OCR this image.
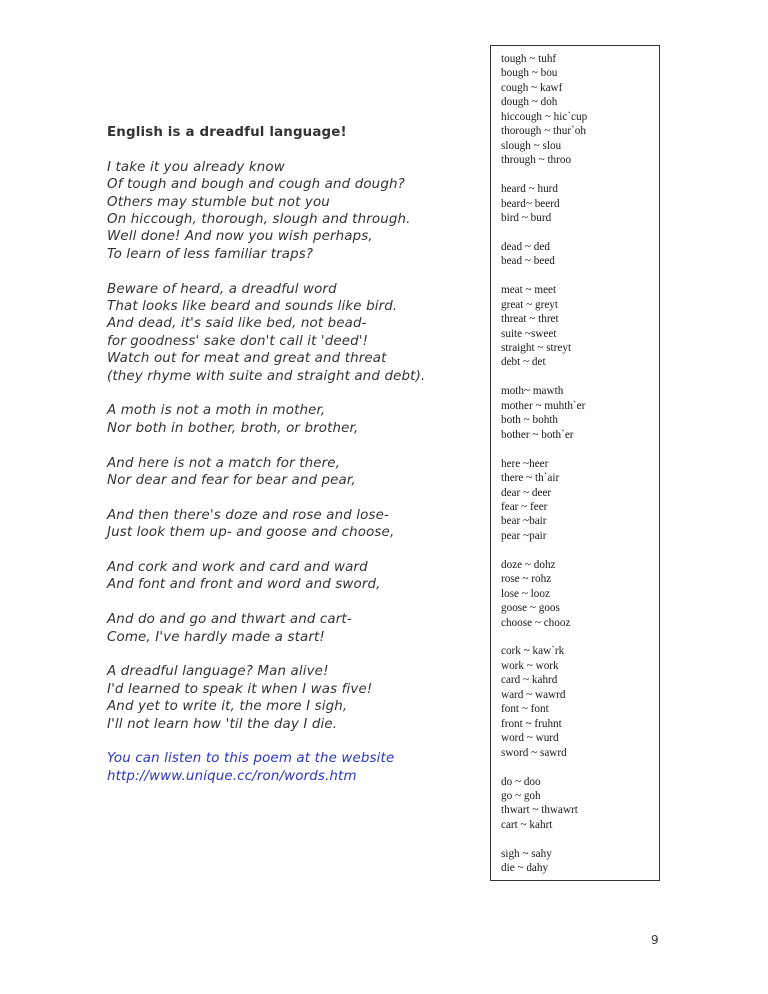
English is a dreadful language!
I take it you already know
Of tough and bough and cough and dough?
Others may stumble but not you
On hiccough, thorough, slough and through.
Well done! And now you wish perhaps,
To learn of less familiar traps?
Beware of heard, a dreadful word
That looks like beard and sounds like bird.
And dead, it's said like bed, not bead-
for goodness' sake don't call it 'deed'!
Watch out for meat and great and threat
(they rhyme with suite and straight and debt).
A moth is not a moth in mother,
Nor both in bother, broth, or brother,
And here is not a match for there,
Nor dear and fear for bear and pear,
And then there's doze and rose and lose-
Just look them up- and goose and choose,
And cork and work and card and ward
And font and front and word and sword,
And do and go and thwart and cart-
Come, I've hardly made a start!
A dreadful language? Man alive!
I'd learned to speak it when I was five!
And yet to write it, the more I sigh,
I'll not learn how 'til the day I die.
You can listen to this poem at the website
http://www.unique.cc/ron/words.htm
tough ~ tuhf
bough ~ bou
cough ~ kawf
dough ~ doh
hiccough ~ hic`cup
thorough ~ thur`oh
slough ~ slou
through ~ throo
heard ~ hurd
beard~ beerd
bird ~ burd
dead ~ ded
bead ~ beed
meat ~ meet
great ~ greyt
threat ~ thret
suite ~sweet
straight ~ streyt
debt ~ det
moth~ mawth
mother ~ muhth`er
both ~ bohth
bother ~ both`er
here ~heer
there ~ th`air
dear ~ deer
fear ~ feer
bear ~bair
pear ~pair
doze ~ dohz
rose ~ rohz
lose ~ looz
goose ~ goos
choose ~ chooz
cork ~ kaw`rk
work ~ work
card ~ kahrd
ward ~ wawrd
font ~ font
front ~ fruhnt
word ~ wurd
sword ~ sawrd
do ~ doo
go ~ goh
thwart ~ thwawrt
cart ~ kahrt
sigh ~ sahy
die ~ dahy
9
